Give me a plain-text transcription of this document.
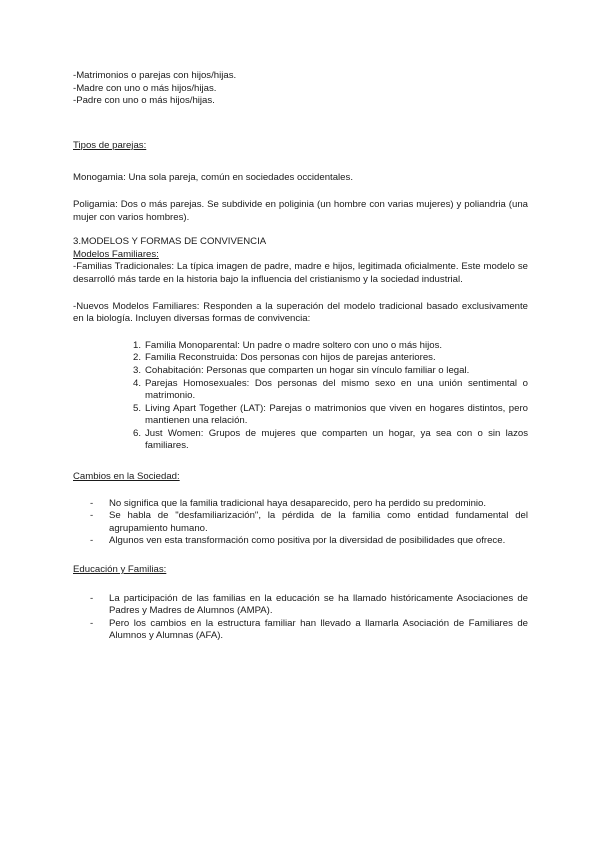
-Matrimonios o parejas con hijos/hijas.

-Madre con uno o más hijos/hijas.

-Padre con uno o más hijos/hijas.

Tipos de parejas:

Monogamia: Una sola pareja, común en sociedades occidentales.

Poligamia: Dos o más parejas. Se subdivide en poliginia (un hombre con varias mujeres) y poliandria (una mujer con varios hombres).

3.MODELOS Y FORMAS DE CONVIVENCIA

Modelos Familiares:

-Familias Tradicionales: La típica imagen de padre, madre e hijos, legitimada oficialmente. Este modelo se desarrolló más tarde en la historia bajo la influencia del cristianismo y la sociedad industrial.

-Nuevos Modelos Familiares: Responden a la superación del modelo tradicional basado exclusivamente en la biología. Incluyen diversas formas de convivencia:

1. Familia Monoparental: Un padre o madre soltero con uno o más hijos.
2. Familia Reconstruida: Dos personas con hijos de parejas anteriores.
3. Cohabitación: Personas que comparten un hogar sin vínculo familiar o legal.
4. Parejas Homosexuales: Dos personas del mismo sexo en una unión sentimental o matrimonio.
5. Living Apart Together (LAT): Parejas o matrimonios que viven en hogares distintos, pero mantienen una relación.
6. Just Women: Grupos de mujeres que comparten un hogar, ya sea con o sin lazos familiares.

Cambios en la Sociedad:

- No significa que la familia tradicional haya desaparecido, pero ha perdido su predominio.
- Se habla de "desfamiliarización", la pérdida de la familia como entidad fundamental del agrupamiento humano.
- Algunos ven esta transformación como positiva por la diversidad de posibilidades que ofrece.

Educación y Familias:

- La participación de las familias en la educación se ha llamado históricamente Asociaciones de Padres y Madres de Alumnos (AMPA).
- Pero los cambios en la estructura familiar han llevado a llamarla Asociación de Familiares de Alumnos y Alumnas (AFA).
